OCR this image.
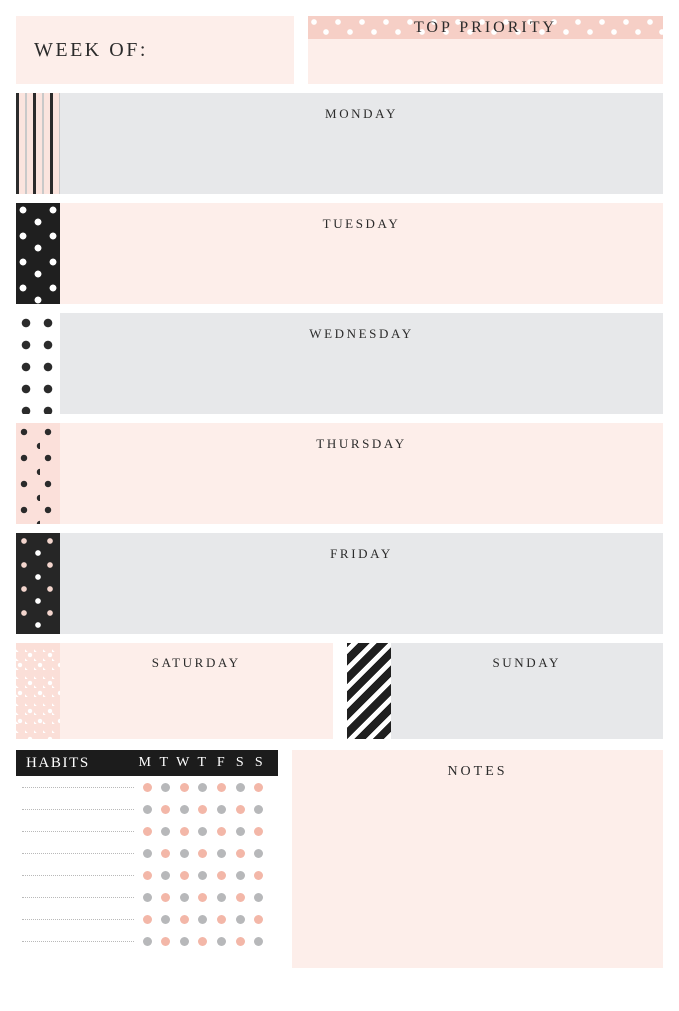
WEEK OF:
TOP PRIORITY
MONDAY
TUESDAY
WEDNESDAY
THURSDAY
FRIDAY
SATURDAY	SUNDAY
HABITS	M T W T F S S
NOTES
